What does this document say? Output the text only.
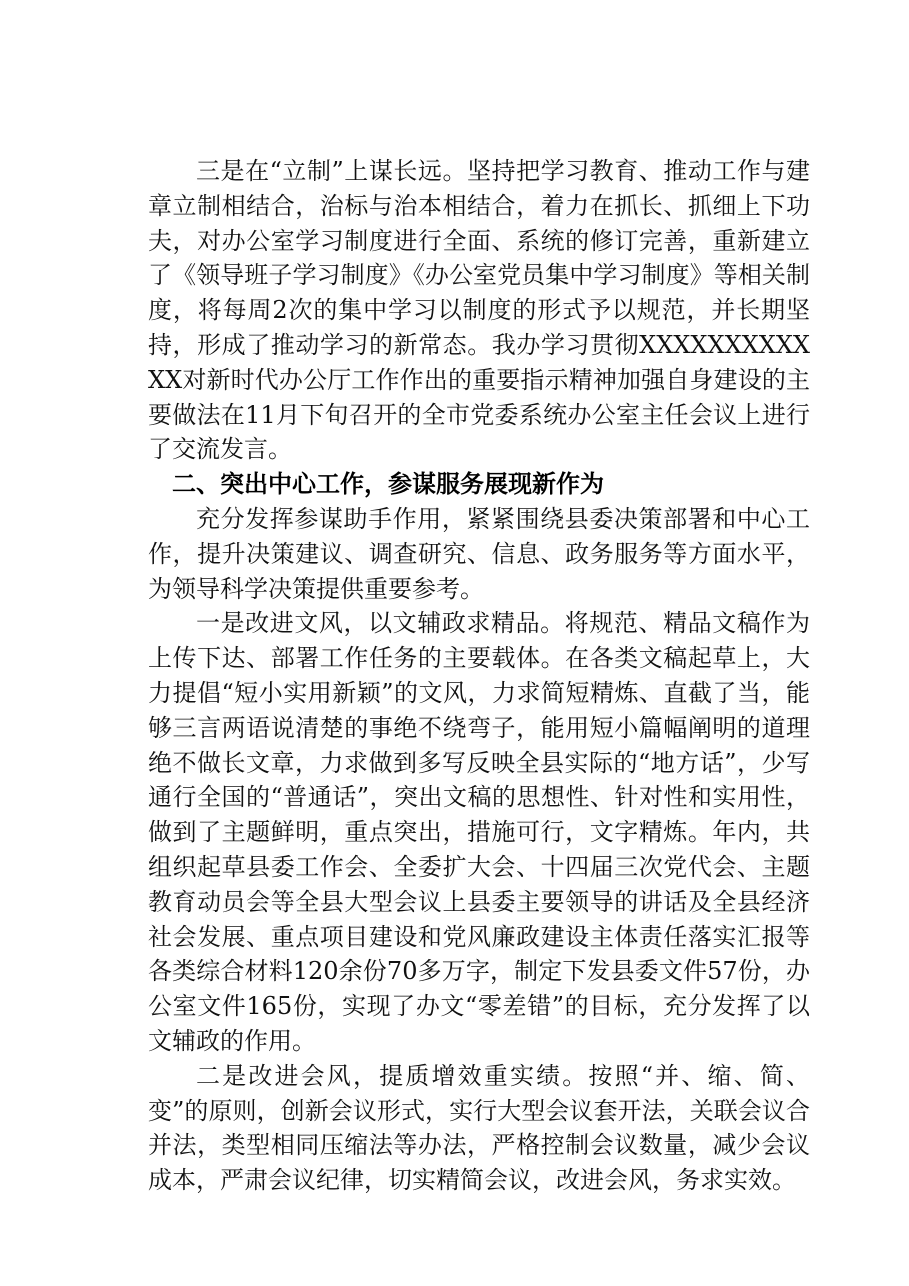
三是在“立制”上谋长远。坚持把学习教育、推动工作与建章立制相结合，治标与治本相结合，着力在抓长、抓细上下功夫，对办公室学习制度进行全面、系统的修订完善，重新建立了《领导班子学习制度》《办公室党员集中学习制度》等相关制度，将每周2次的集中学习以制度的形式予以规范，并长期坚持，形成了推动学习的新常态。我办学习贯彻XXXXXXXXXXXX对新时代办公厅工作作出的重要指示精神加强自身建设的主要做法在11月下旬召开的全市党委系统办公室主任会议上进行了交流发言。

二、突出中心工作，参谋服务展现新作为

充分发挥参谋助手作用，紧紧围绕县委决策部署和中心工作，提升决策建议、调查研究、信息、政务服务等方面水平，为领导科学决策提供重要参考。

一是改进文风，以文辅政求精品。将规范、精品文稿作为上传下达、部署工作任务的主要载体。在各类文稿起草上，大力提倡“短小实用新颖”的文风，力求简短精炼、直截了当，能够三言两语说清楚的事绝不绕弯子，能用短小篇幅阐明的道理绝不做长文章，力求做到多写反映全县实际的“地方话”，少写通行全国的“普通话”，突出文稿的思想性、针对性和实用性，做到了主题鲜明，重点突出，措施可行，文字精炼。年内，共组织起草县委工作会、全委扩大会、十四届三次党代会、主题教育动员会等全县大型会议上县委主要领导的讲话及全县经济社会发展、重点项目建设和党风廉政建设主体责任落实汇报等各类综合材料120余份70多万字，制定下发县委文件57份，办公室文件165份，实现了办文“零差错”的目标，充分发挥了以文辅政的作用。

二是改进会风，提质增效重实绩。按照“并、缩、简、变”的原则，创新会议形式，实行大型会议套开法，关联会议合并法，类型相同压缩法等办法，严格控制会议数量，减少会议成本，严肃会议纪律，切实精简会议，改进会风，务求实效。
